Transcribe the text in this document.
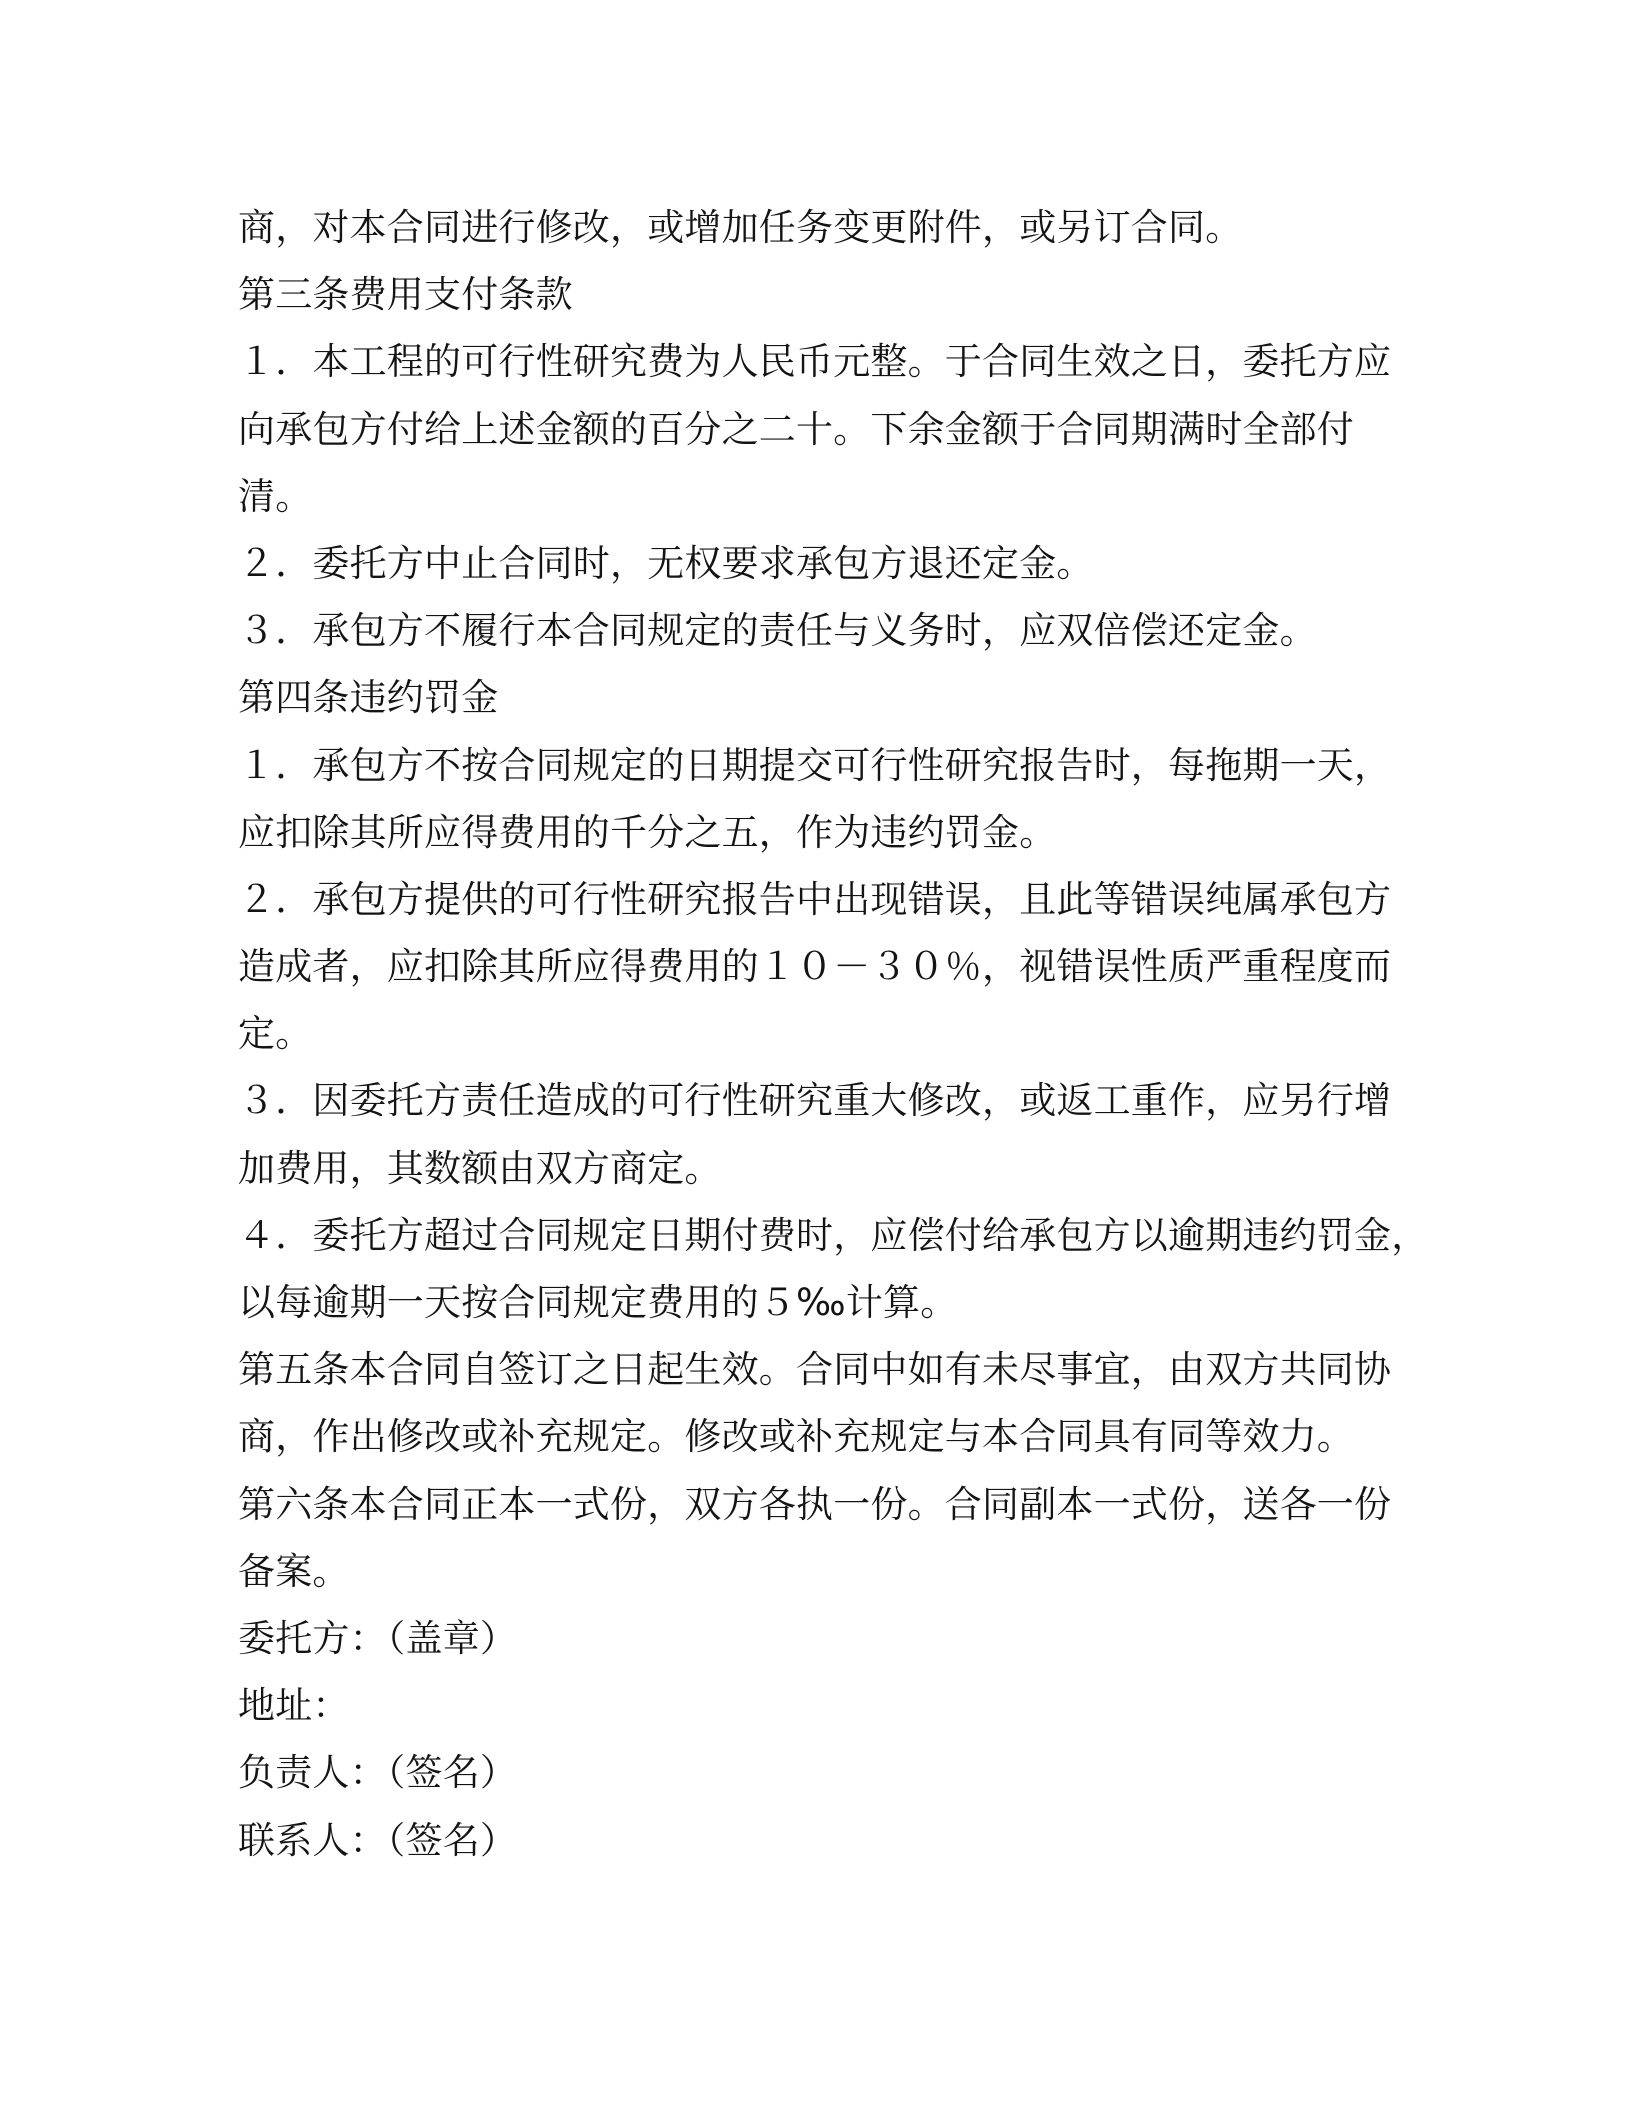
商，对本合同进行修改，或增加任务变更附件，或另订合同。
第三条费用支付条款
１．本工程的可行性研究费为人民币元整。于合同生效之日，委托方应
向承包方付给上述金额的百分之二十。下余金额于合同期满时全部付
清。
２．委托方中止合同时，无权要求承包方退还定金。
３．承包方不履行本合同规定的责任与义务时，应双倍偿还定金。
第四条违约罚金
１．承包方不按合同规定的日期提交可行性研究报告时，每拖期一天，
应扣除其所应得费用的千分之五，作为违约罚金。
２．承包方提供的可行性研究报告中出现错误，且此等错误纯属承包方
造成者，应扣除其所应得费用的１０－３０％，视错误性质严重程度而
定。
３．因委托方责任造成的可行性研究重大修改，或返工重作，应另行增
加费用，其数额由双方商定。
４．委托方超过合同规定日期付费时，应偿付给承包方以逾期违约罚金，
以每逾期一天按合同规定费用的５‰计算。
第五条本合同自签订之日起生效。合同中如有未尽事宜，由双方共同协
商，作出修改或补充规定。修改或补充规定与本合同具有同等效力。
第六条本合同正本一式份，双方各执一份。合同副本一式份，送各一份
备案。
委托方：（盖章）
地址：
负责人：（签名）
联系人：（签名）
